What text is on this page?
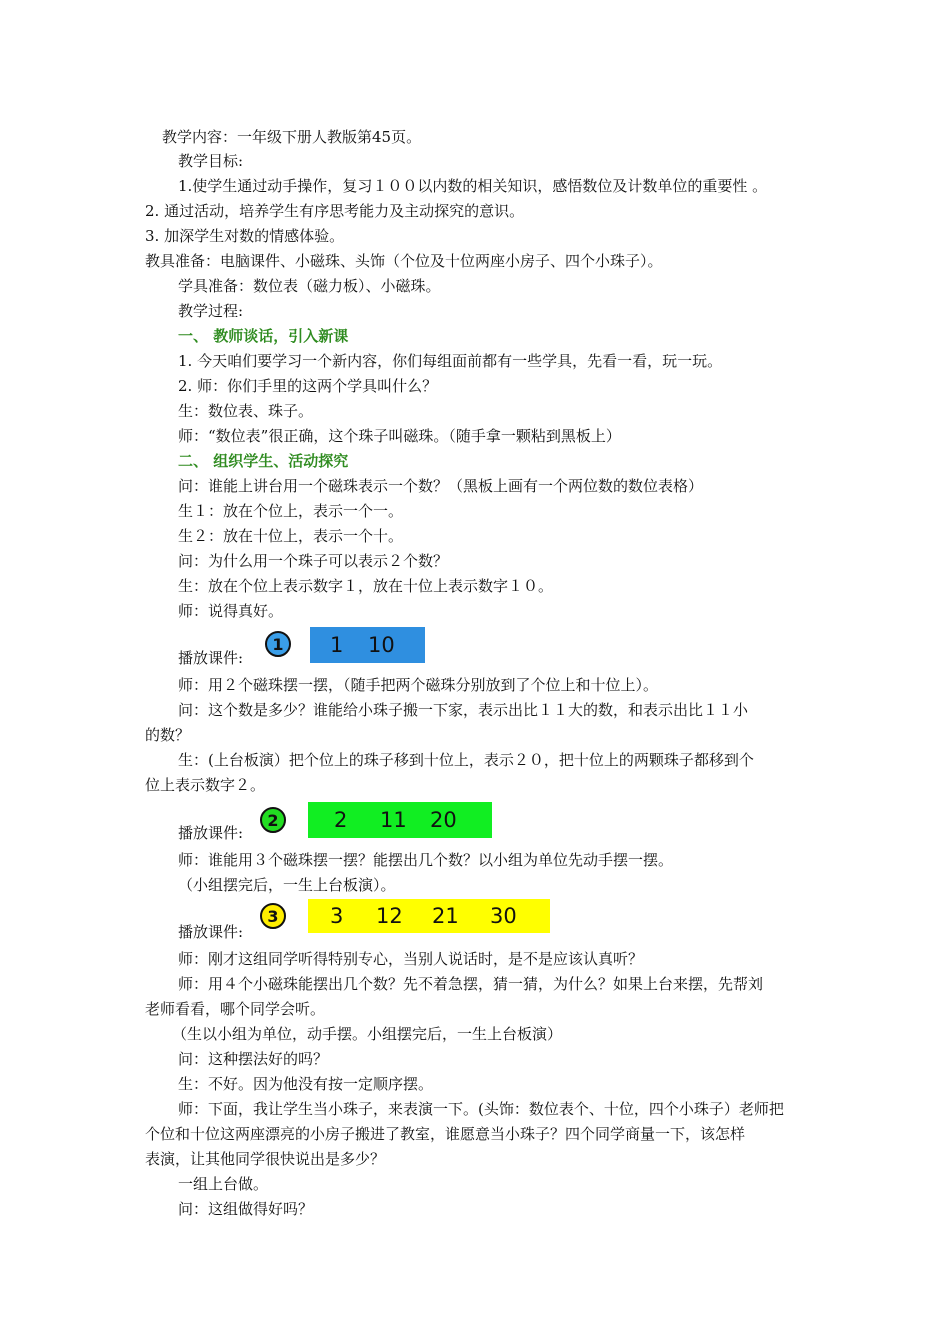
教学内容：一年级下册人教版第45页。
教学目标:
1.使学生通过动手操作，复习１００以内数的相关知识，感悟数位及计数单位的重要性 。
2. 通过活动，培养学生有序思考能力及主动探究的意识。
3. 加深学生对数的情感体验。
教具准备：电脑课件、小磁珠、头饰（个位及十位两座小房子、四个小珠子）。
学具准备：数位表（磁力板）、小磁珠。
教学过程:
一、 教师谈话，引入新课
1. 今天咱们要学习一个新内容，你们每组面前都有一些学具，先看一看，玩一玩。
2. 师：你们手里的这两个学具叫什么？
生：数位表、珠子。
师：“数位表”很正确，这个珠子叫磁珠。（随手拿一颗粘到黑板上）
二、 组织学生、活动探究
问：谁能上讲台用一个磁珠表示一个数？（黑板上画有一个两位数的数位表格）
生１：放在个位上，表示一个一。
生２：放在十位上，表示一个十。
问：为什么用一个珠子可以表示２个数？
生：放在个位上表示数字１，放在十位上表示数字１０。
师：说得真好。
播放课件:
1	1	10
师：用２个磁珠摆一摆，（随手把两个磁珠分别放到了个位上和十位上）。
问：这个数是多少？谁能给小珠子搬一下家，表示出比１１大的数，和表示出比１１小
的数？
生：(上台板演）把个位上的珠子移到十位上，表示２０，把十位上的两颗珠子都移到个
位上表示数字２。
播放课件:
2	2	11	20
师：谁能用３个磁珠摆一摆？能摆出几个数？以小组为单位先动手摆一摆。
（小组摆完后，一生上台板演）。
播放课件:
3	3	12	21	30
师：刚才这组同学听得特别专心，当别人说话时，是不是应该认真听？
师：用４个小磁珠能摆出几个数？先不着急摆，猜一猜，为什么？如果上台来摆，先帮刘
老师看看，哪个同学会听。
（生以小组为单位，动手摆。小组摆完后，一生上台板演）
问：这种摆法好的吗？
生：不好。因为他没有按一定顺序摆。
师：下面，我让学生当小珠子，来表演一下。(头饰：数位表个、十位，四个小珠子）老师把
个位和十位这两座漂亮的小房子搬进了教室，谁愿意当小珠子？四个同学商量一下，该怎样
表演，让其他同学很快说出是多少？
一组上台做。
问：这组做得好吗？
